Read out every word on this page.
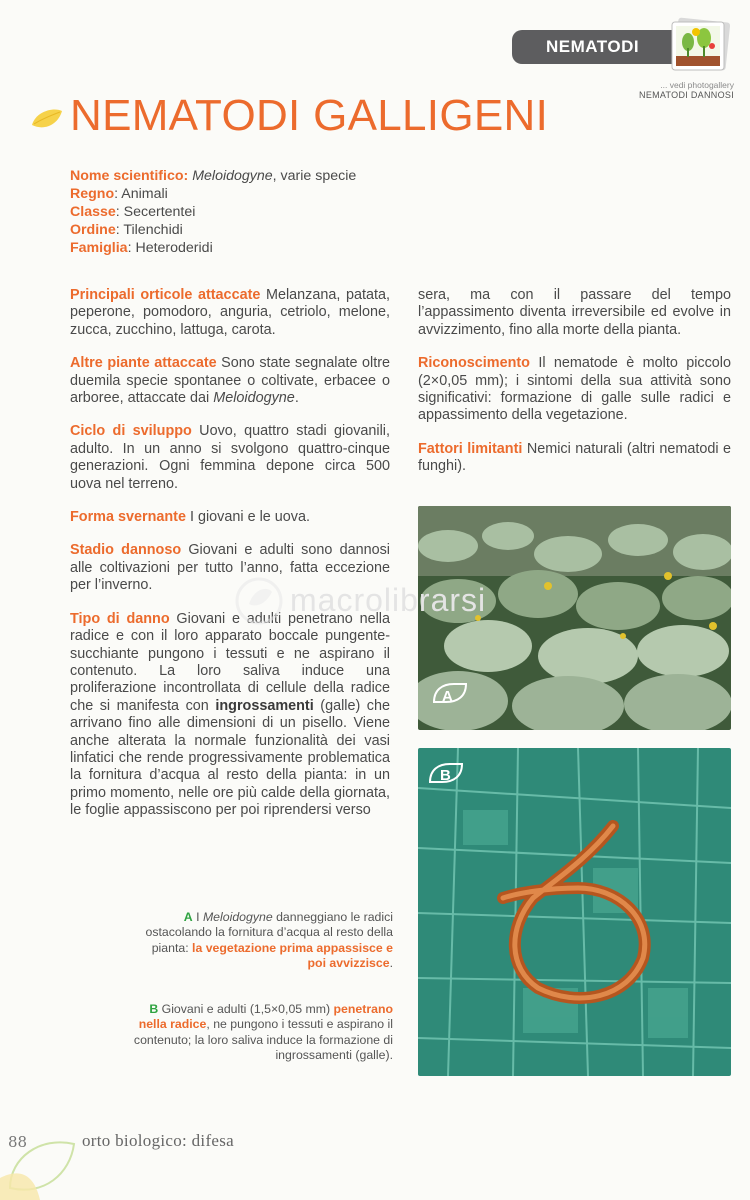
NEMATODI
... vedi photogallery
NEMATODI DANNOSI
NEMATODI GALLIGENI
Nome scientifico: Meloidogyne, varie specie
Regno: Animali
Classe: Secertentei
Ordine: Tilenchidi
Famiglia: Heteroderidi

Principali orticole attaccate Melanzana, patata, peperone, pomodoro, anguria, cetriolo, melone, zucca, zucchino, lattuga, carota.

Altre piante attaccate Sono state segnalate oltre duemila specie spontanee o coltivate, erbacee o arboree, attaccate dai Meloidogyne.

Ciclo di sviluppo Uovo, quattro stadi giovanili, adulto. In un anno si svolgono quattro-cinque generazioni. Ogni femmina depone circa 500 uova nel terreno.

Forma svernante I giovani e le uova.

Stadio dannoso Giovani e adulti sono dannosi alle coltivazioni per tutto l’anno, fatta eccezione per l’inverno.

Tipo di danno Giovani e adulti penetrano nella radice e con il loro apparato boccale pungente-succhiante pungono i tessuti e ne aspirano il contenuto. La loro saliva induce una proliferazione incontrollata di cellule della radice che si manifesta con ingrossamenti (galle) che arrivano fino alle dimensioni di un pisello. Viene anche alterata la normale funzionalità dei vasi linfatici che rende progressivamente problematica la fornitura d’acqua al resto della pianta: in un primo momento, nelle ore più calde della giornata, le foglie appassiscono per poi riprendersi verso

sera, ma con il passare del tempo l’appassimento diventa irreversibile ed evolve in avvizzimento, fino alla morte della pianta.

Riconoscimento Il nematode è molto piccolo (2×0,05 mm); i sintomi della sua attività sono significativi: formazione di galle sulle radici e appassimento della vegetazione.

Fattori limitanti Nemici naturali (altri nematodi e funghi).

A
B
macrolibrarsi
A I Meloidogyne danneggiano le radici ostacolando la fornitura d’acqua al resto della pianta: la vegetazione prima appassisce e poi avvizzisce.
B Giovani e adulti (1,5×0,05 mm) penetrano nella radice, ne pungono i tessuti e aspirano il contenuto; la loro saliva induce la formazione di ingrossamenti (galle).
88	orto biologico: difesa
